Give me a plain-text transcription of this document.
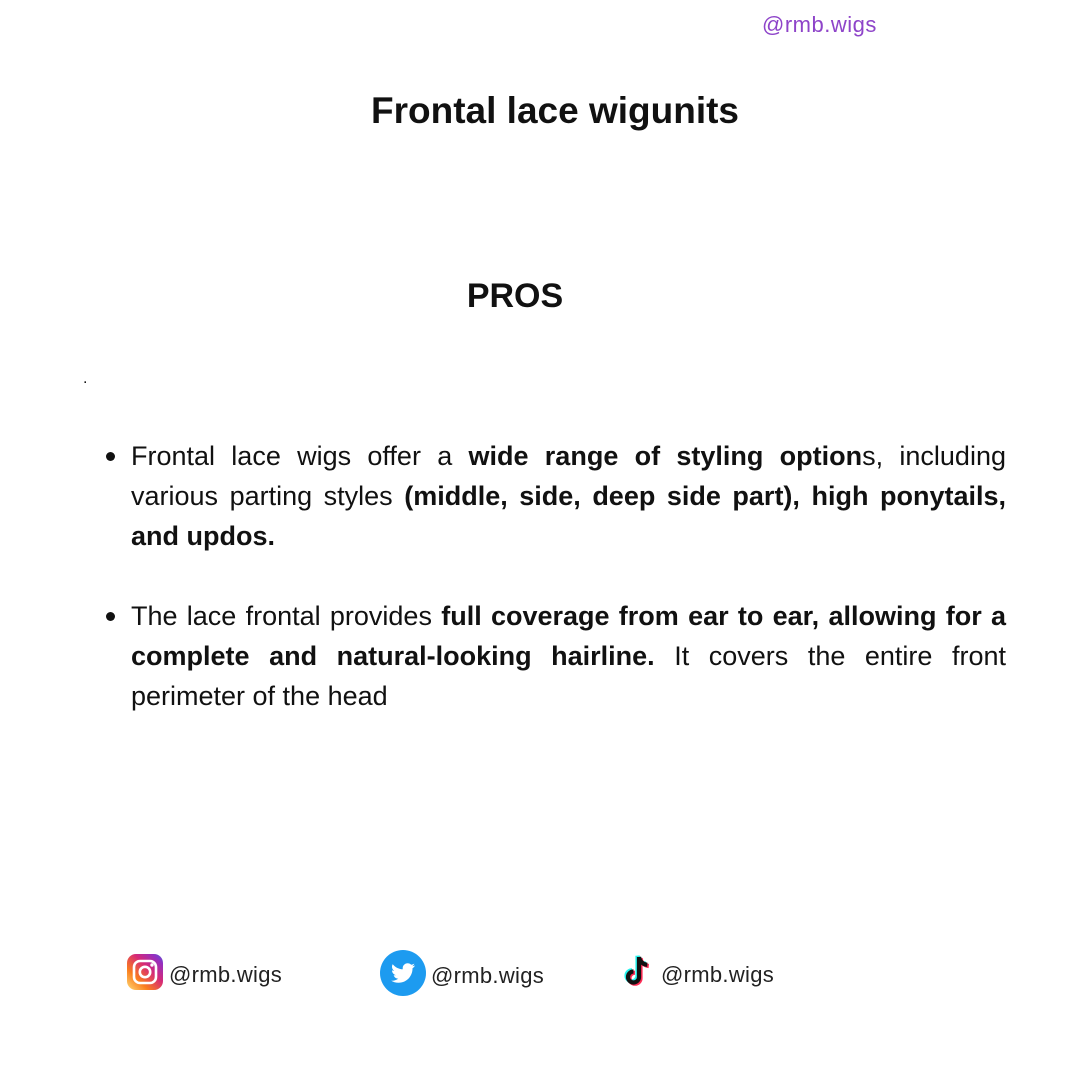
@rmb.wigs
Frontal lace wigunits
PROS
.
Frontal lace wigs offer a wide range of styling options, including various parting styles (middle, side, deep side part), high ponytails, and updos.
The lace frontal provides full coverage from ear to ear, allowing for a complete and natural-looking hairline. It covers the entire front perimeter of the head
@rmb.wigs	@rmb.wigs	@rmb.wigs
